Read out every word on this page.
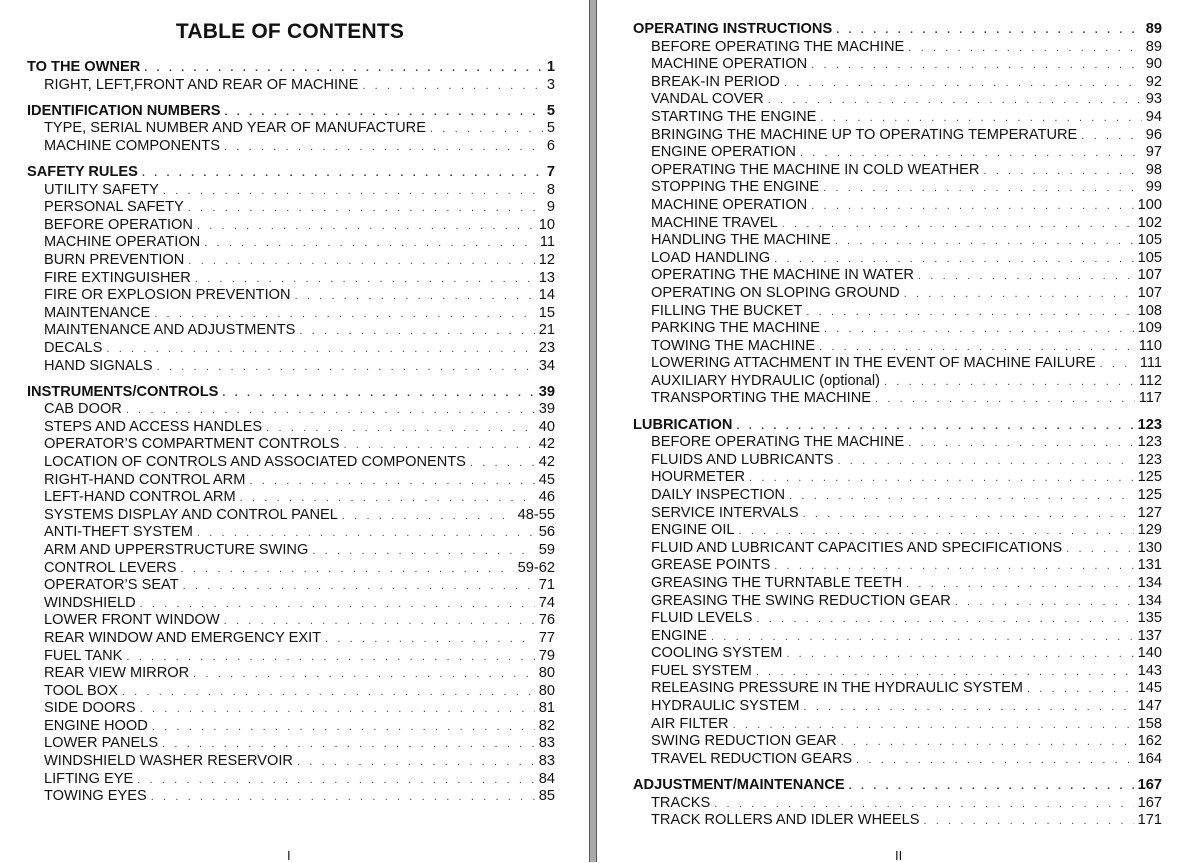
TABLE OF CONTENTS
TO THE OWNER . . .	1
RIGHT, LEFT,FRONT AND REAR OF MACHINE . . .	3
IDENTIFICATION NUMBERS . . .	5
TYPE, SERIAL NUMBER AND YEAR OF MANUFACTURE . . .	5
MACHINE COMPONENTS . . .	6
SAFETY RULES . . .	7
UTILITY SAFETY . . .	8
PERSONAL SAFETY . . .	9
BEFORE OPERATION . . .	10
MACHINE OPERATION . . .	11
BURN PREVENTION . . .	12
FIRE EXTINGUISHER . . .	13
FIRE OR EXPLOSION PREVENTION . . .	14
MAINTENANCE . . .	15
MAINTENANCE AND ADJUSTMENTS . . .	21
DECALS . . .	23
HAND SIGNALS . . .	34
INSTRUMENTS/CONTROLS . . .	39
CAB DOOR . . .	39
STEPS AND ACCESS HANDLES . . .	40
OPERATOR’S COMPARTMENT CONTROLS . . .	42
LOCATION OF CONTROLS AND ASSOCIATED COMPONENTS . . .	42
RIGHT-HAND CONTROL ARM . . .	45
LEFT-HAND CONTROL ARM . . .	46
SYSTEMS DISPLAY AND CONTROL PANEL . . .	48-55
ANTI-THEFT SYSTEM . . .	56
ARM AND UPPERSTRUCTURE SWING . . .	59
CONTROL LEVERS . . .	59-62
OPERATOR’S SEAT . . .	71
WINDSHIELD . . .	74
LOWER FRONT WINDOW . . .	76
REAR WINDOW AND EMERGENCY EXIT . . .	77
FUEL TANK . . .	79
REAR VIEW MIRROR . . .	80
TOOL BOX . . .	80
SIDE DOORS . . .	81
ENGINE HOOD . . .	82
LOWER PANELS . . .	83
WINDSHIELD WASHER RESERVOIR . . .	83
LIFTING EYE . . .	84
TOWING EYES . . .	85
I
OPERATING INSTRUCTIONS . . .	89
BEFORE OPERATING THE MACHINE . . .	89
MACHINE OPERATION . . .	90
BREAK-IN PERIOD . . .	92
VANDAL COVER . . .	93
STARTING THE ENGINE . . .	94
BRINGING THE MACHINE UP TO OPERATING TEMPERATURE . . .	96
ENGINE OPERATION . . .	97
OPERATING THE MACHINE IN COLD WEATHER . . .	98
STOPPING THE ENGINE . . .	99
MACHINE OPERATION . . .	100
MACHINE TRAVEL . . .	102
HANDLING THE MACHINE . . .	105
LOAD HANDLING . . .	105
OPERATING THE MACHINE IN WATER . . .	107
OPERATING ON SLOPING GROUND . . .	107
FILLING THE BUCKET . . .	108
PARKING THE MACHINE . . .	109
TOWING THE MACHINE . . .	110
LOWERING ATTACHMENT IN THE EVENT OF MACHINE FAILURE . . .	111
AUXILIARY HYDRAULIC (optional) . . .	112
TRANSPORTING THE MACHINE . . .	117
LUBRICATION . . .	123
BEFORE OPERATING THE MACHINE . . .	123
FLUIDS AND LUBRICANTS . . .	123
HOURMETER . . .	125
DAILY INSPECTION . . .	125
SERVICE INTERVALS . . .	127
ENGINE OIL . . .	129
FLUID AND LUBRICANT CAPACITIES AND SPECIFICATIONS . . .	130
GREASE POINTS . . .	131
GREASING THE TURNTABLE TEETH . . .	134
GREASING THE SWING REDUCTION GEAR . . .	134
FLUID LEVELS . . .	135
ENGINE . . .	137
COOLING SYSTEM . . .	140
FUEL SYSTEM . . .	143
RELEASING PRESSURE IN THE HYDRAULIC SYSTEM . . .	145
HYDRAULIC SYSTEM . . .	147
AIR FILTER . . .	158
SWING REDUCTION GEAR . . .	162
TRAVEL REDUCTION GEARS . . .	164
ADJUSTMENT/MAINTENANCE . . .	167
TRACKS . . .	167
TRACK ROLLERS AND IDLER WHEELS . . .	171
II
